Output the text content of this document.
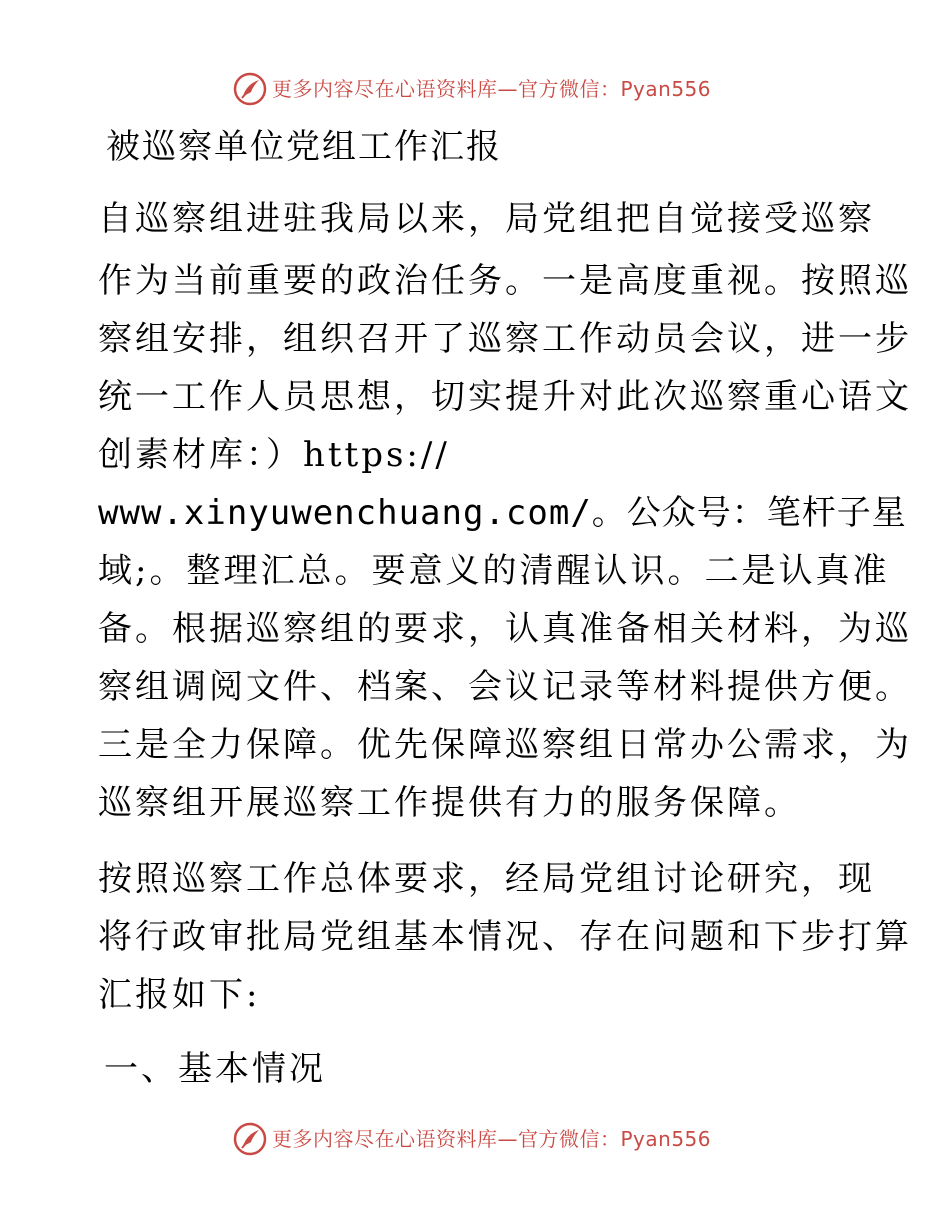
更多内容尽在心语资料库—官方微信：Pyan556
被巡察单位党组工作汇报
自巡察组进驻我局以来，局党组把自觉接受巡察
作为当前重要的政治任务。一是高度重视。按照巡
察组安排，组织召开了巡察工作动员会议，进一步
统一工作人员思想，切实提升对此次巡察重心语文
创素材库：）https://
www.xinyuwenchuang.com/。公众号：笔杆子星
域;。整理汇总。要意义的清醒认识。二是认真准
备。根据巡察组的要求，认真准备相关材料，为巡
察组调阅文件、档案、会议记录等材料提供方便。
三是全力保障。优先保障巡察组日常办公需求，为
巡察组开展巡察工作提供有力的服务保障。
按照巡察工作总体要求，经局党组讨论研究，现
将行政审批局党组基本情况、存在问题和下步打算
汇报如下:
一、基本情况
更多内容尽在心语资料库—官方微信：Pyan556
